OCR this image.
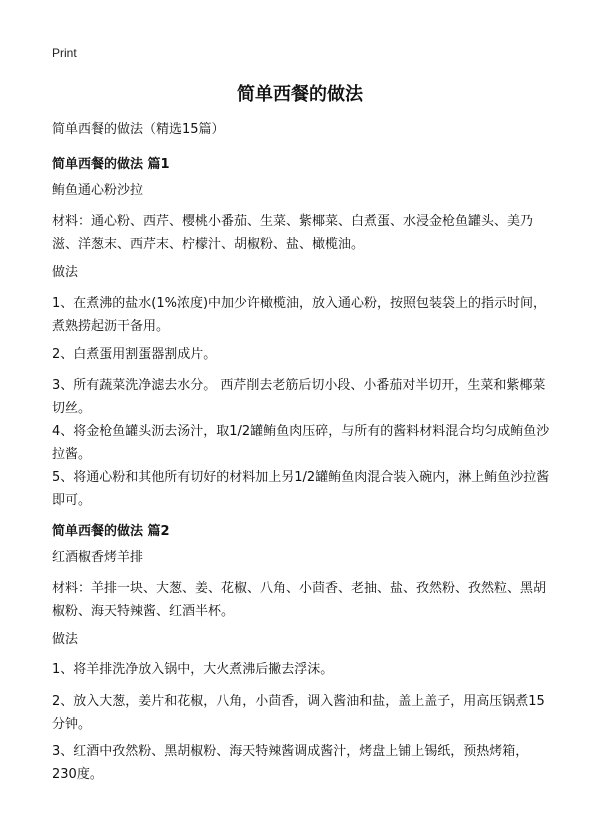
Print
简单西餐的做法
简单西餐的做法（精选15篇）
简单西餐的做法 篇1
鲔鱼通心粉沙拉
材料：通心粉、西芹、樱桃小番茄、生菜、紫椰菜、白煮蛋、水浸金枪鱼罐头、美乃滋、洋葱末、西芹末、柠檬汁、胡椒粉、盐、橄榄油。
做法
1、在煮沸的盐水(1%浓度)中加少许橄榄油，放入通心粉，按照包装袋上的指示时间，煮熟捞起沥干备用。
2、白煮蛋用割蛋器割成片。
3、所有蔬菜洗净滤去水分。 西芹削去老筋后切小段、小番茄对半切开，生菜和紫椰菜切丝。
4、将金枪鱼罐头沥去汤汁，取1/2罐鲔鱼肉压碎，与所有的酱料材料混合均匀成鲔鱼沙拉酱。
5、将通心粉和其他所有切好的材料加上另1/2罐鲔鱼肉混合装入碗内，淋上鲔鱼沙拉酱即可。
简单西餐的做法 篇2
红酒椒香烤羊排
材料：羊排一块、大葱、姜、花椒、八角、小茴香、老抽、盐、孜然粉、孜然粒、黑胡椒粉、海天特辣酱、红酒半杯。
做法
1、将羊排洗净放入锅中，大火煮沸后撇去浮沫。
2、放入大葱，姜片和花椒，八角，小茴香，调入酱油和盐，盖上盖子，用高压锅煮15分钟。
3、红酒中孜然粉、黑胡椒粉、海天特辣酱调成酱汁，烤盘上铺上锡纸，预热烤箱，230度。
